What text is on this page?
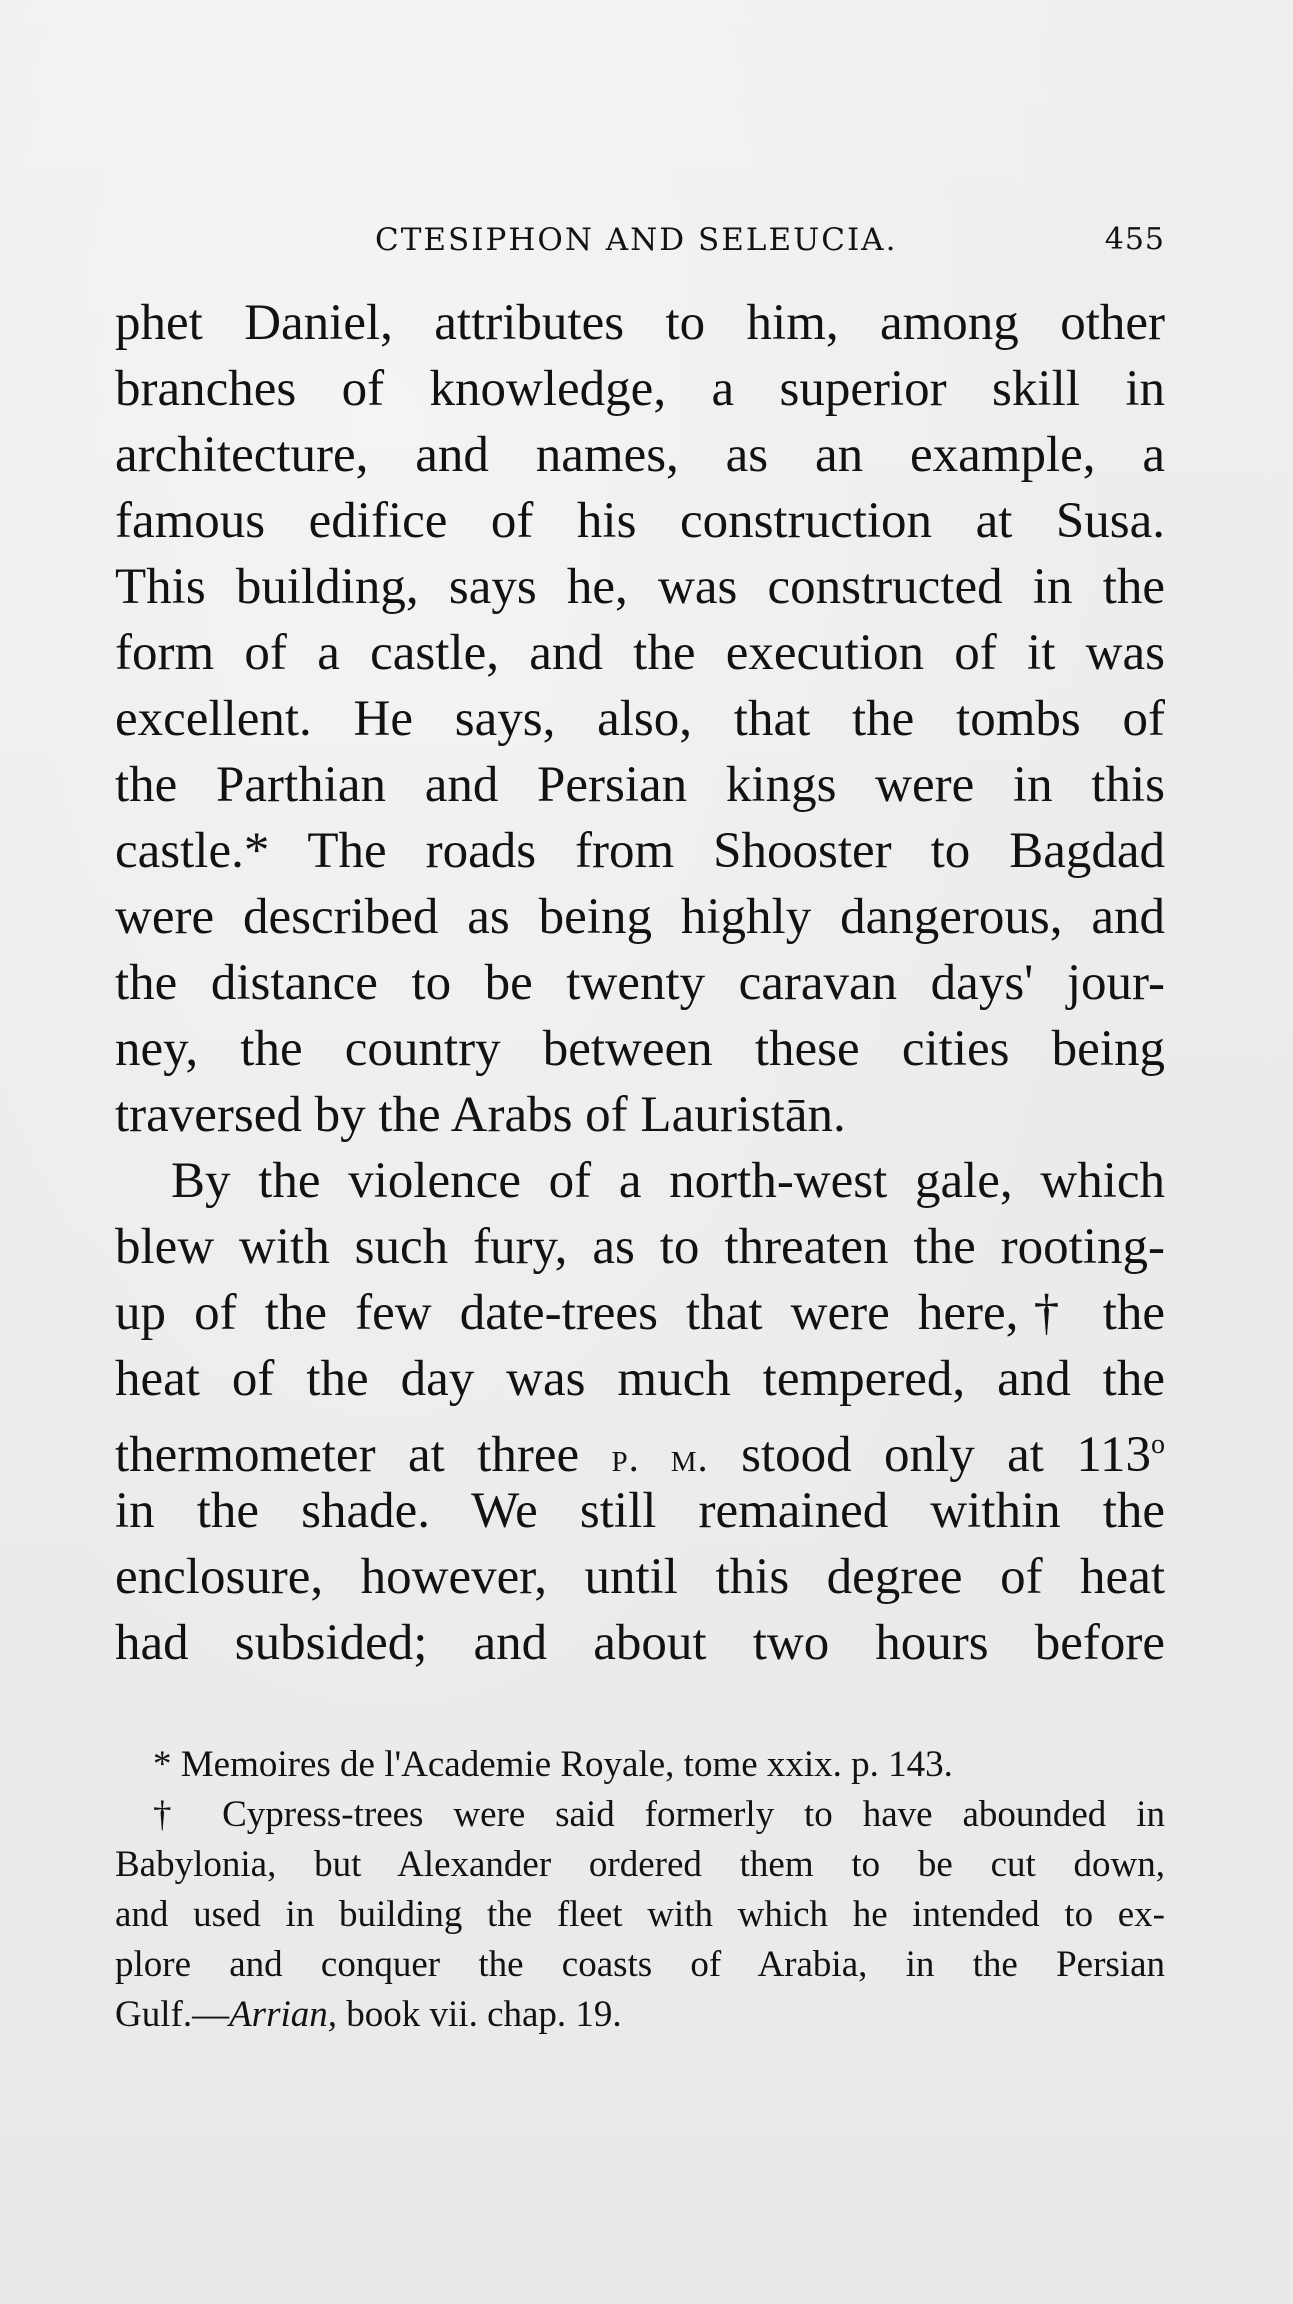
CTESIPHON AND SELEUCIA.	455
phet Daniel, attributes to him, among other
branches of knowledge, a superior skill in
architecture, and names, as an example, a
famous edifice of his construction at Susa.
This building, says he, was constructed in the
form of a castle, and the execution of it was
excellent. He says, also, that the tombs of
the Parthian and Persian kings were in this
castle.* The roads from Shooster to Bagdad
were described as being highly dangerous, and
the distance to be twenty caravan days' jour-
ney, the country between these cities being
traversed by the Arabs of Lauristān.
By the violence of a north-west gale, which
blew with such fury, as to threaten the rooting-
up of the few date-trees that were here,† the
heat of the day was much tempered, and the
thermometer at three p. m. stood only at 113$^o$
in the shade. We still remained within the
enclosure, however, until this degree of heat
had subsided; and about two hours before
* Memoires de l'Academie Royale, tome xxix. p. 143.
† Cypress-trees were said formerly to have abounded in
Babylonia, but Alexander ordered them to be cut down,
and used in building the fleet with which he intended to ex-
plore and conquer the coasts of Arabia, in the Persian
Gulf.—Arrian, book vii. chap. 19.
